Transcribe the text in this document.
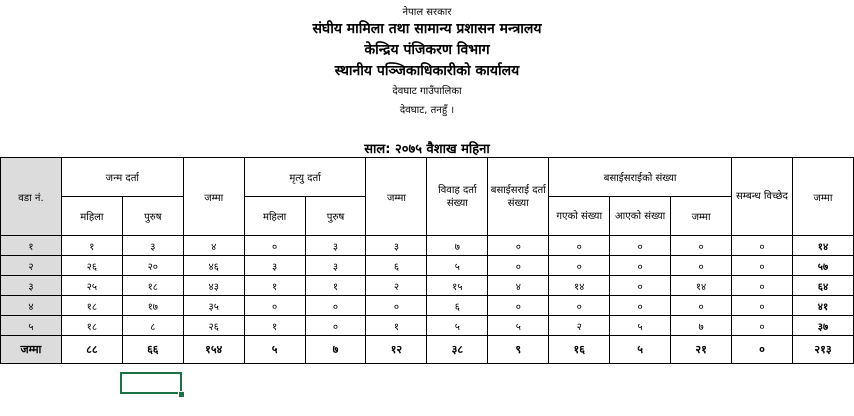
नेपाल सरकार
संघीय मामिला तथा सामान्य प्रशासन मन्त्रालय
केन्द्रिय पंजिकरण विभाग
स्थानीय पञ्जिकाधिकारीको कार्यालय
देवघाट गाउँपालिका
देवघाट, तनहुँ ।
साल: २०७५ वैशाख महिना
वडा नं.	जन्म दर्ता		जम्मा	मृत्यु दर्ता		जम्मा	विवाह दर्ता संख्या	बसाईसराई दर्ता संख्या	बसाईसराईको संख्या			सम्बन्ध विच्छेद	जम्मा
	महिला	पुरुष		महिला	पुरुष				गएको संख्या	आएको संख्या	जम्मा		
१	१	३	४	०	३	३	७	०	०	०	०	०	१४
२	२६	२०	४६	३	३	६	५	०	०	०	०	०	५७
३	२५	१८	४३	१	१	२	१५	४	१४	०	१४	०	६४
४	१८	१७	३५	०	०	०	६	०	०	०	०	०	४१
५	१८	८	२६	१	०	१	५	५	२	५	७	०	३७
जम्मा	८८	६६	१५४	५	७	१२	३८	९	१६	५	२१	०	२१३
